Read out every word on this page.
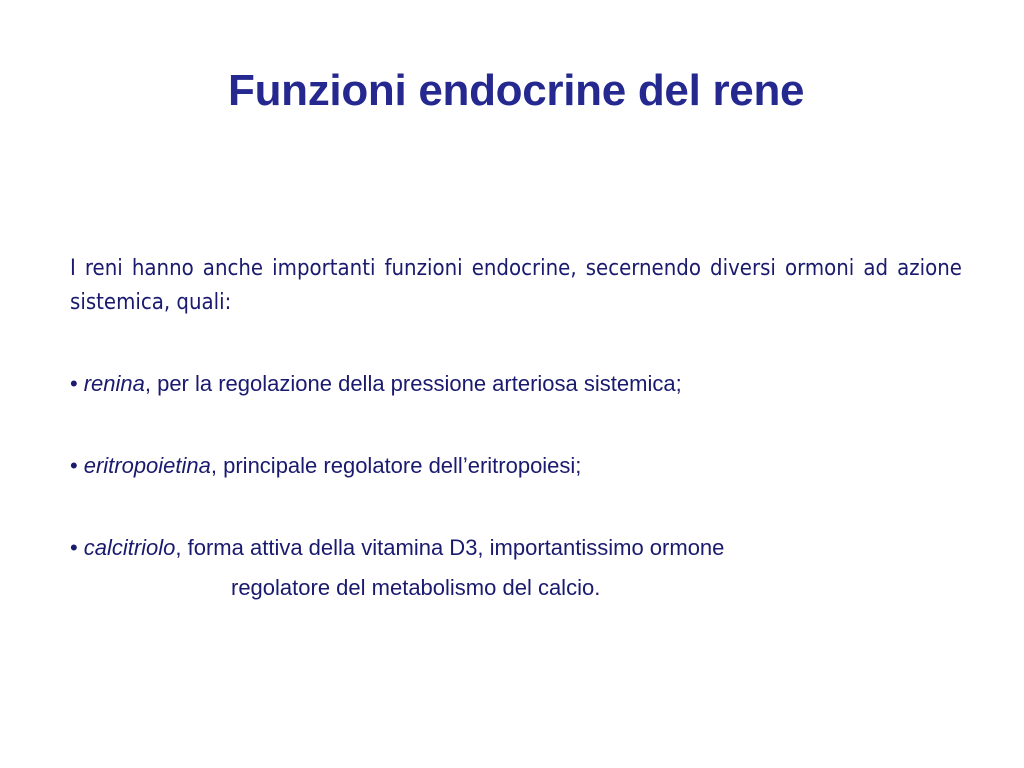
Funzioni endocrine del rene

I reni hanno anche importanti funzioni endocrine, secernendo diversi ormoni ad azione sistemica, quali:

• renina, per la regolazione della pressione arteriosa sistemica;

• eritropoietina, principale regolatore dell’eritropoiesi;

• calcitriolo, forma attiva della vitamina D3, importantissimo ormone

regolatore del metabolismo del calcio.
